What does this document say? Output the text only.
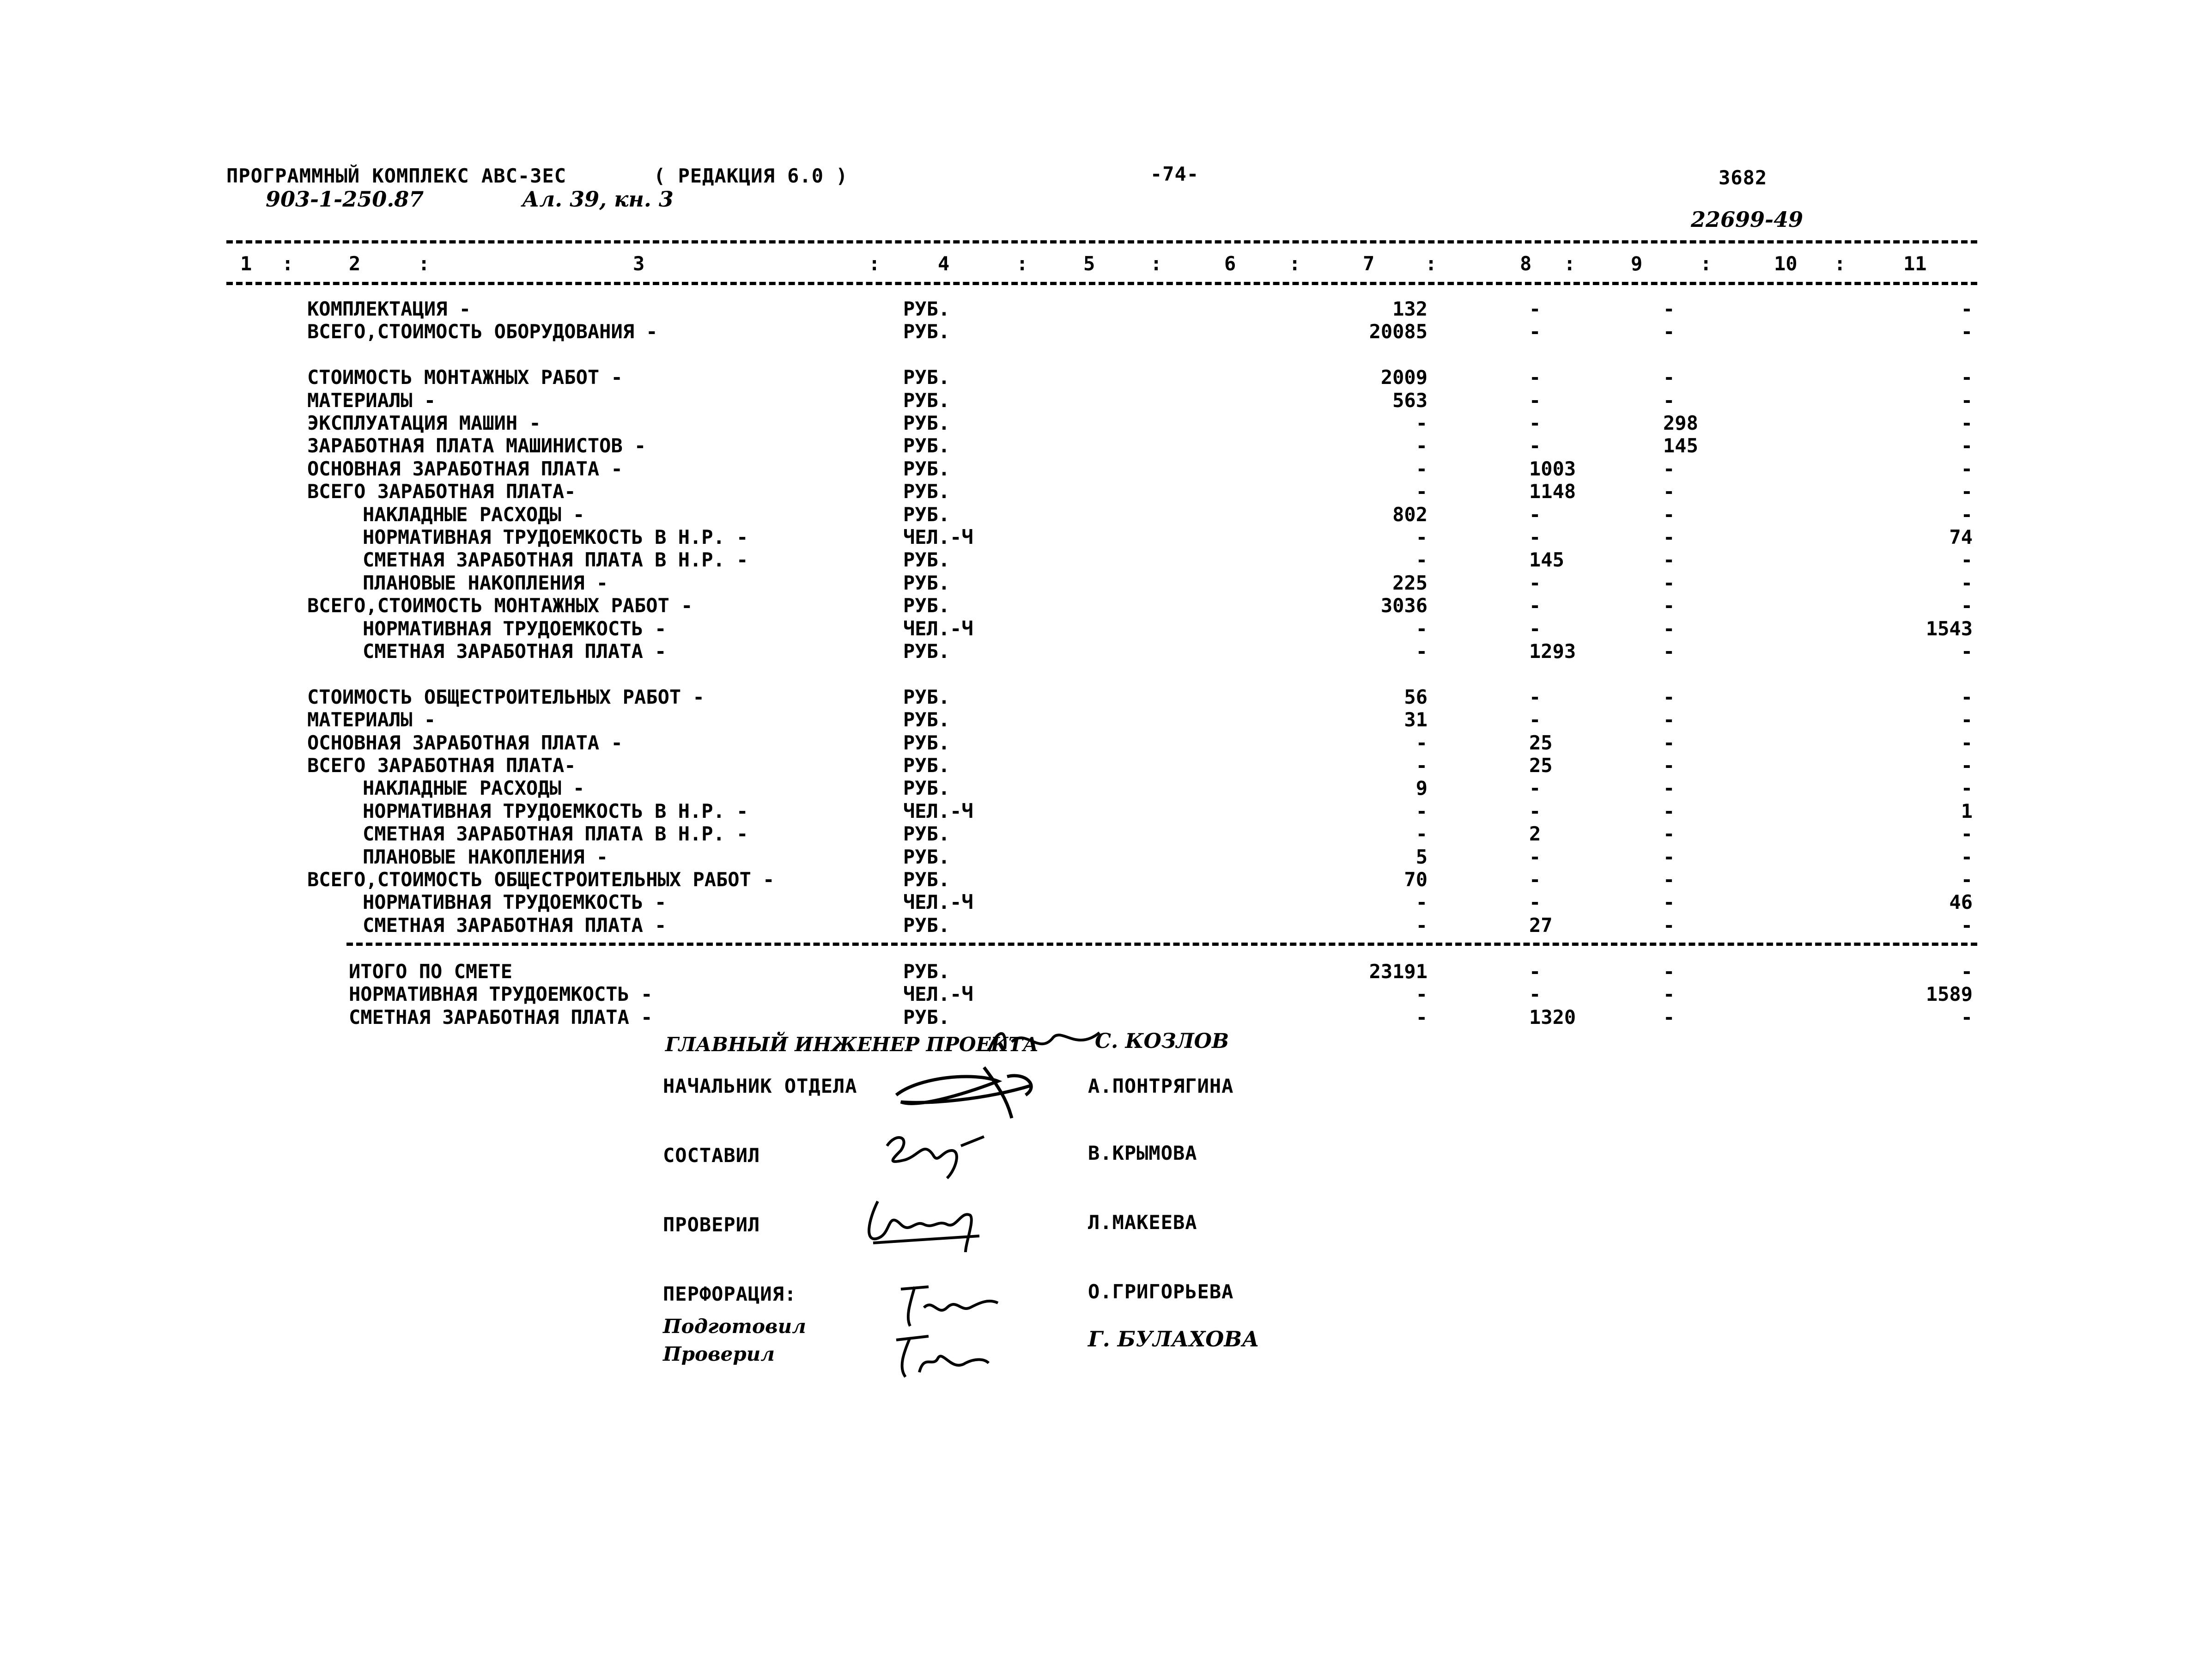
ПРОГРАММНЫЙ КОМПЛЕКС АВС-3ЕС	( РЕДАКЦИЯ 6.0 )	-74-	3682
903-1-250.87	Ал. 39, кн. 3
22699-49
1 :	2	:	3	:	4	:	5	:	6	:	7	:	8 :	9	:	10 :	11
КОМПЛЕКТАЦИЯ -	РУБ.	132	-	-	-
ВСЕГО,СТОИМОСТЬ ОБОРУДОВАНИЯ -	РУБ.	20085	-	-	-
СТОИМОСТЬ МОНТАЖНЫХ РАБОТ -	РУБ.	2009	-	-	-
МАТЕРИАЛЫ -	РУБ.	563	-	-	-
ЭКСПЛУАТАЦИЯ МАШИН -	РУБ.	-	-	298	-
ЗАРАБОТНАЯ ПЛАТА МАШИНИСТОВ -	РУБ.	-	-	145	-
ОСНОВНАЯ ЗАРАБОТНАЯ ПЛАТА -	РУБ.	-	1003	-	-
ВСЕГО ЗАРАБОТНАЯ ПЛАТА-	РУБ.	-	1148	-	-
НАКЛАДНЫЕ РАСХОДЫ -	РУБ.	802	-	-	-
НОРМАТИВНАЯ ТРУДОЕМКОСТЬ В Н.Р. -	ЧЕЛ.-Ч	-	-	-	74
СМЕТНАЯ ЗАРАБОТНАЯ ПЛАТА В Н.Р. -	РУБ.	-	145	-	-
ПЛАНОВЫЕ НАКОПЛЕНИЯ -	РУБ.	225	-	-	-
ВСЕГО,СТОИМОСТЬ МОНТАЖНЫХ РАБОТ -	РУБ.	3036	-	-	-
НОРМАТИВНАЯ ТРУДОЕМКОСТЬ -	ЧЕЛ.-Ч	-	-	-	1543
СМЕТНАЯ ЗАРАБОТНАЯ ПЛАТА -	РУБ.	-	1293	-	-
СТОИМОСТЬ ОБЩЕСТРОИТЕЛЬНЫХ РАБОТ -	РУБ.	56	-	-	-
МАТЕРИАЛЫ -	РУБ.	31	-	-	-
ОСНОВНАЯ ЗАРАБОТНАЯ ПЛАТА -	РУБ.	-	25	-	-
ВСЕГО ЗАРАБОТНАЯ ПЛАТА-	РУБ.	-	25	-	-
НАКЛАДНЫЕ РАСХОДЫ -	РУБ.	9	-	-	-
НОРМАТИВНАЯ ТРУДОЕМКОСТЬ В Н.Р. -	ЧЕЛ.-Ч	-	-	-	1
СМЕТНАЯ ЗАРАБОТНАЯ ПЛАТА В Н.Р. -	РУБ.	-	2	-	-
ПЛАНОВЫЕ НАКОПЛЕНИЯ -	РУБ.	5	-	-	-
ВСЕГО,СТОИМОСТЬ ОБЩЕСТРОИТЕЛЬНЫХ РАБОТ -	РУБ.	70	-	-	-
НОРМАТИВНАЯ ТРУДОЕМКОСТЬ -	ЧЕЛ.-Ч	-	-	-	46
СМЕТНАЯ ЗАРАБОТНАЯ ПЛАТА -	РУБ.	-	27	-	-
ИТОГО ПО СМЕТЕ	РУБ.	23191	-	-	-
НОРМАТИВНАЯ ТРУДОЕМКОСТЬ -	ЧЕЛ.-Ч	-	-	-	1589
СМЕТНАЯ ЗАРАБОТНАЯ ПЛАТА -	РУБ.	-	1320	-	-
ГЛАВНЫЙ ИНЖЕНЕР ПРОЕКТА	С. КОЗЛОВ
НАЧАЛЬНИК ОТДЕЛА	А.ПОНТРЯГИНА
СОСТАВИЛ	В.КРЫМОВА
ПРОВЕРИЛ	Л.МАКЕЕВА
ПЕРФОРАЦИЯ:	О.ГРИГОРЬЕВА
Подготовил
Проверил
Г. БУЛАХОВА
